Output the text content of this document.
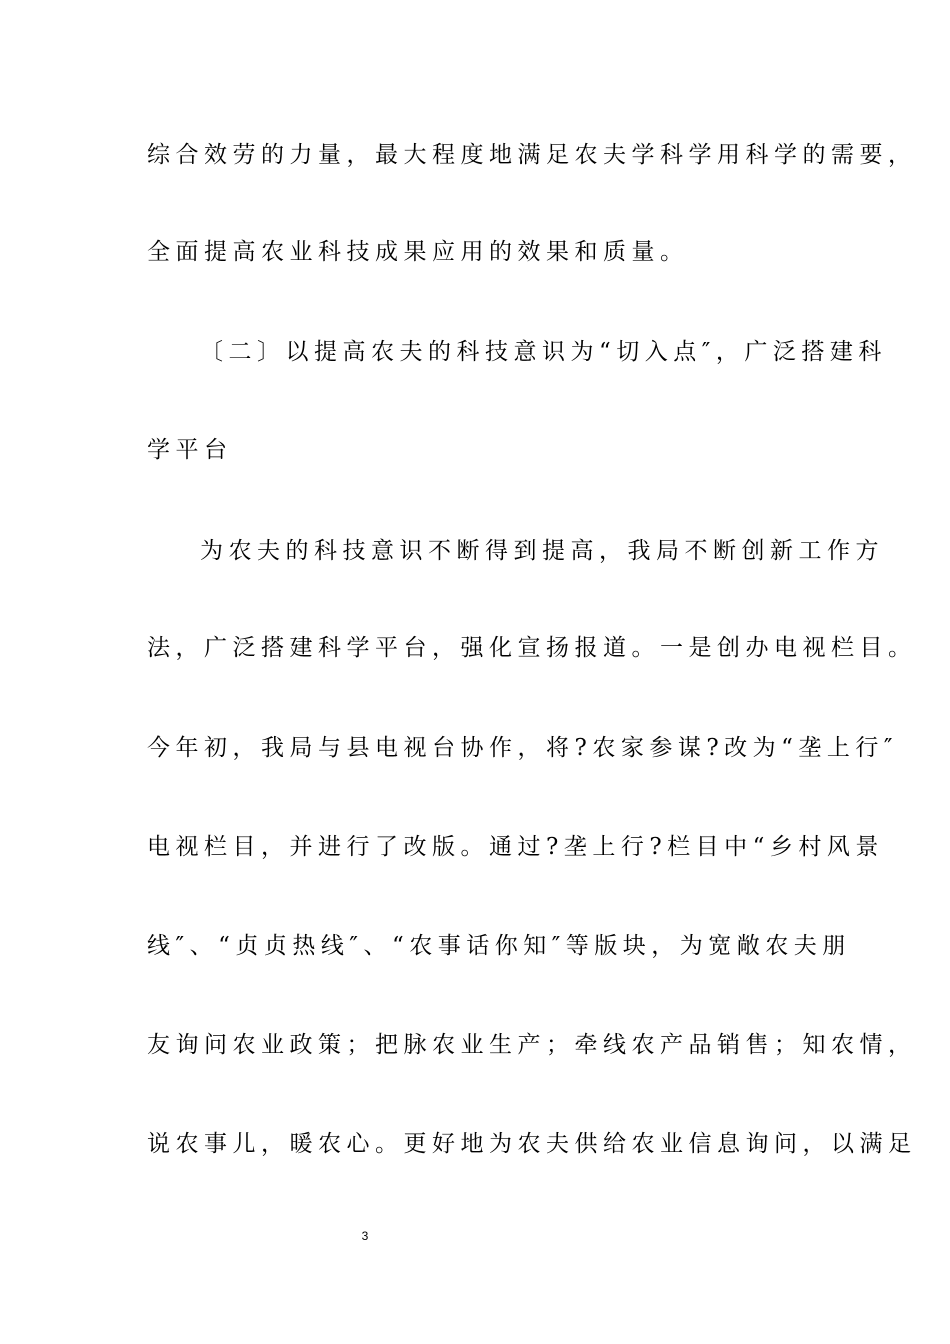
综合效劳的力量，最大程度地满足农夫学科学用科学的需要，
全面提高农业科技成果应用的效果和质量。
〔二〕以提高农夫的科技意识为“切入点″，广泛搭建科
学平台
为农夫的科技意识不断得到提高，我局不断创新工作方
法，广泛搭建科学平台，强化宣扬报道。一是创办电视栏目。
今年初，我局与县电视台协作，将?农家参谋?改为“垄上行″
电视栏目，并进行了改版。通过?垄上行?栏目中“乡村风景
线″、“贞贞热线″、“农事话你知″等版块，为宽敞农夫朋
友询问农业政策；把脉农业生产；牵线农产品销售；知农情，
说农事儿，暖农心。更好地为农夫供给农业信息询问，以满足
3
